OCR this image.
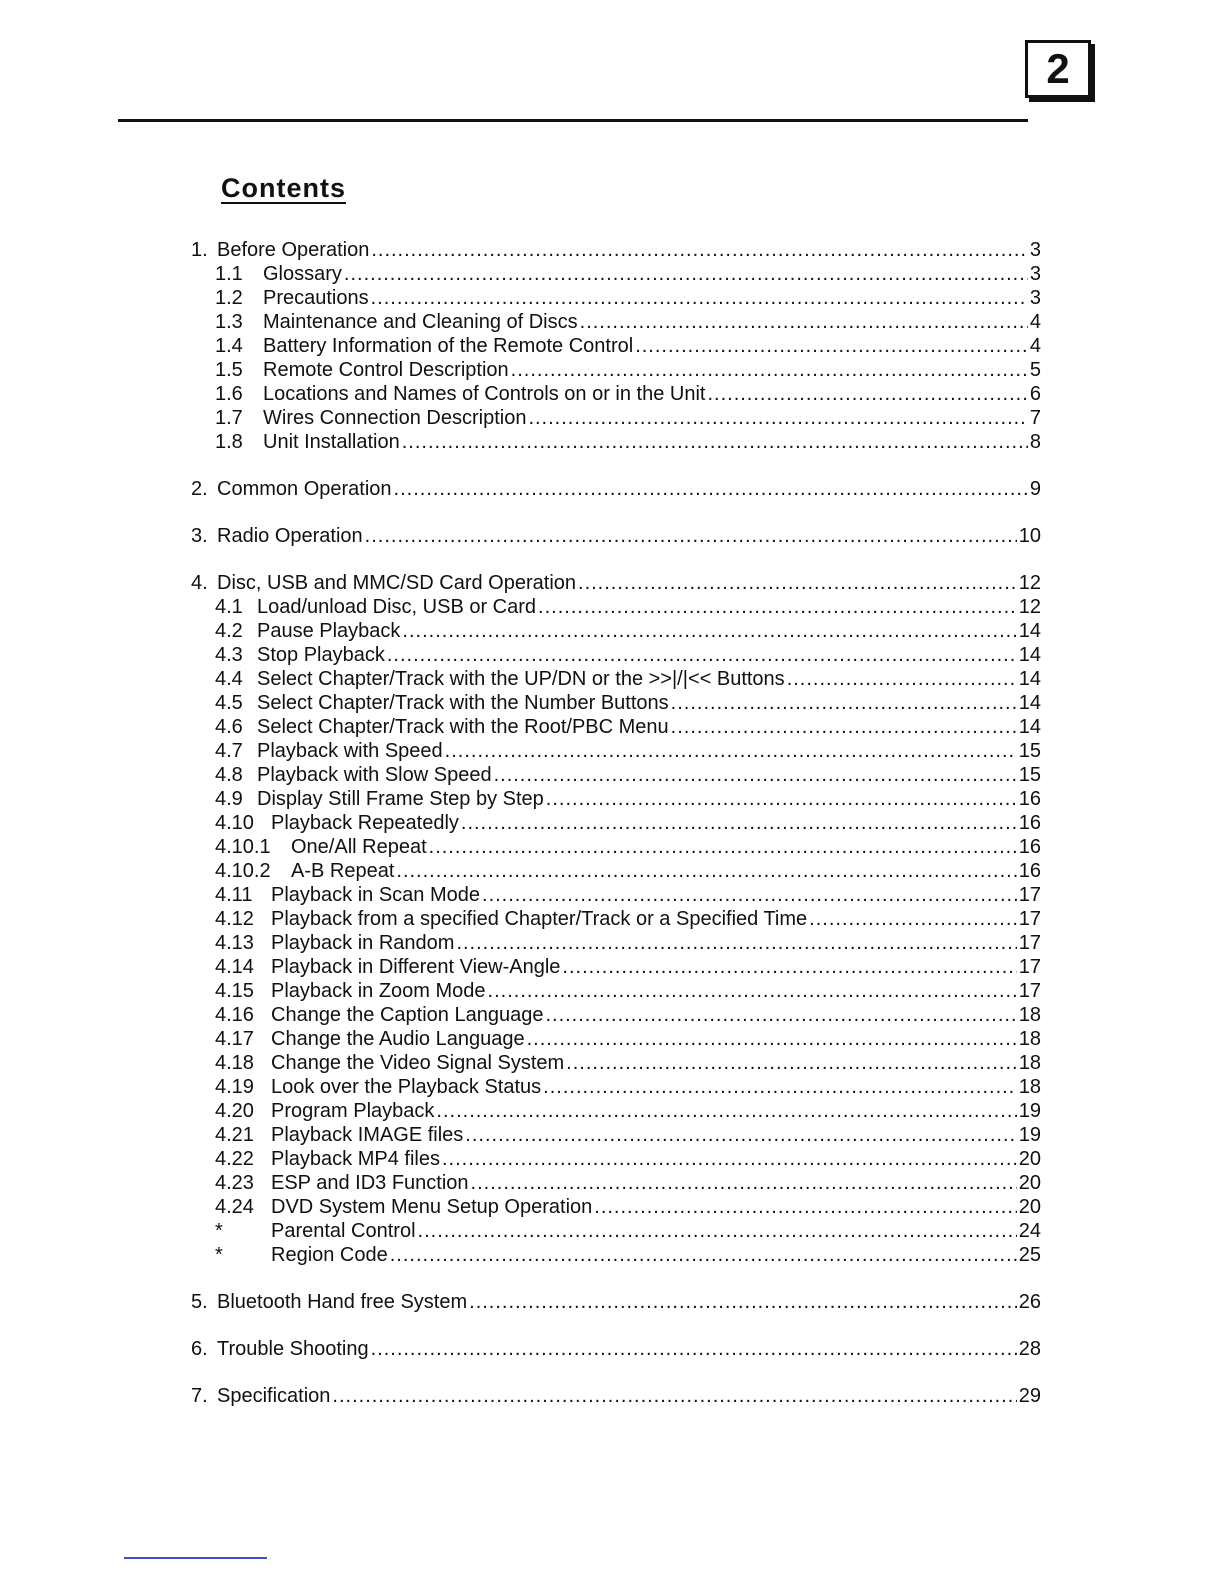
2
Contents
1. Before Operation .....	3
1.1	Glossary .....	3
1.2	Precautions .....	3
1.3	Maintenance and Cleaning of Discs .....	4
1.4	Battery Information of the Remote Control .....	4
1.5	Remote Control Description .....	5
1.6	Locations and Names of Controls on or in the Unit .....	6
1.7	Wires Connection Description .....	7
1.8	Unit Installation .....	8
2. Common Operation .....	9
3. Radio Operation .....	10
4. Disc, USB and MMC/SD Card Operation .....	12
4.1 Load/unload Disc, USB or Card .....	12
4.2 Pause Playback .....	14
4.3 Stop Playback .....	14
4.4 Select Chapter/Track with the UP/DN or the >>|/|<< Buttons .....	14
4.5 Select Chapter/Track with the Number Buttons .....	14
4.6 Select Chapter/Track with the Root/PBC Menu .....	14
4.7 Playback with Speed .....	15
4.8 Playback with Slow Speed .....	15
4.9 Display Still Frame Step by Step .....	16
4.10 Playback Repeatedly .....	16
4.10.1	One/All Repeat .....	16
4.10.2	A-B Repeat .....	16
4.11 Playback in Scan Mode .....	17
4.12 Playback from a specified Chapter/Track or a Specified Time .....	17
4.13 Playback in Random .....	17
4.14 Playback in Different View-Angle .....	17
4.15 Playback in Zoom Mode .....	17
4.16 Change the Caption Language .....	18
4.17 Change the Audio Language .....	18
4.18 Change the Video Signal System .....	18
4.19 Look over the Playback Status .....	18
4.20 Program Playback .....	19
4.21 Playback IMAGE files .....	19
4.22 Playback MP4 files .....	20
4.23 ESP and ID3 Function .....	20
4.24 DVD System Menu Setup Operation .....	20
*	Parental Control .....	24
*	Region Code .....	25
5. Bluetooth Hand free System .....	26
6. Trouble Shooting .....	28
7. Specification .....	29
